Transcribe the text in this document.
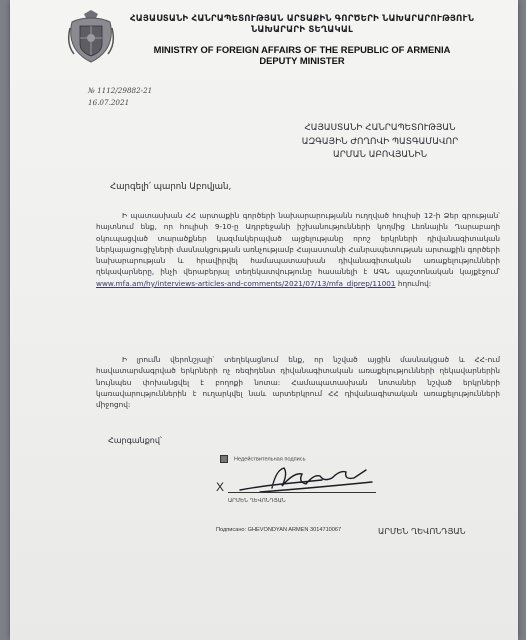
ՀԱՅԱՍՏԱՆԻ ՀԱՆՐԱՊԵՏՈՒԹՅԱՆ ԱՐՏԱՔԻՆ ԳՈՐԾԵՐԻ ՆԱԽԱՐԱՐՈՒԹՅՈՒՆ
ՆԱԽԱՐԱՐԻ ՏԵՂԱԿԱԼ
MINISTRY OF FOREIGN AFFAIRS OF THE REPUBLIC OF ARMENIA
DEPUTY MINISTER
№ 1112/29882-21
16.07.2021
ՀԱՅԱՍՏԱՆԻ ՀԱՆՐԱՊԵՏՈՒԹՅԱՆ
ԱԶԳԱՅԻՆ ԺՈՂՈՎԻ ՊԱՏԳԱՄԱՎՈՐ
ԱՐՄԱՆ ԱԲՈՎՅԱՆԻՆ
Հարգելի՛ պարոն Աբովյան,
Ի պատասխան ՀՀ արտաքին գործերի նախարարությանն ուղղված հուլիսի 12-ի Ձեր գրության՝ հայտնում ենք, որ հուլիսի 9-10-ը Ադրբեջանի իշխանությունների կողմից Լեռնային Ղարաբաղի օկուպացված տարածքներ կազմակերպված այցելությանը որոշ երկրների դիվանագիտական ներկայացուցիչների մասնակցության առնչությամբ Հայաստանի Հանրապետության արտաքին գործերի նախարարության և հրավիրվել համապատասխան դիվանագիտական առաքելությունների ղեկավարները, ինչի վերաբերյալ տեղեկատվությունը հասանելի է ԱԳՆ պաշտոնական կայքէջում՝ www.mfa.am/hy/interviews-articles-and-comments/2021/07/13/mfa_diprep/11001 հղումով:
Ի լրումն վերոնշյալի՝ տեղեկացնում ենք, որ նշված այցին մասնակցած և ՀՀ-ում հավատարմագրված երկրների ոչ ռեզիդենտ դիվանագիտական առաքելությունների ղեկավարներին նույնպես փոխանցվել է բողոքի նոտա: Համապատասխան նոտաներ նշված երկրների կառավարություններին է ուղարկվել նաև արտերկրում ՀՀ դիվանագիտական առաքելությունների միջոցով:
Հարգանքով՝
Недействительная подпись
X
ԱՐՄԵՆ ՂԵՎՈՆԴՅԱՆ
Подписано: GHEVONDYAN ARMEN 3014710067	ԱՐՄԵՆ ՂԵՎՈՆԴՅԱՆ
